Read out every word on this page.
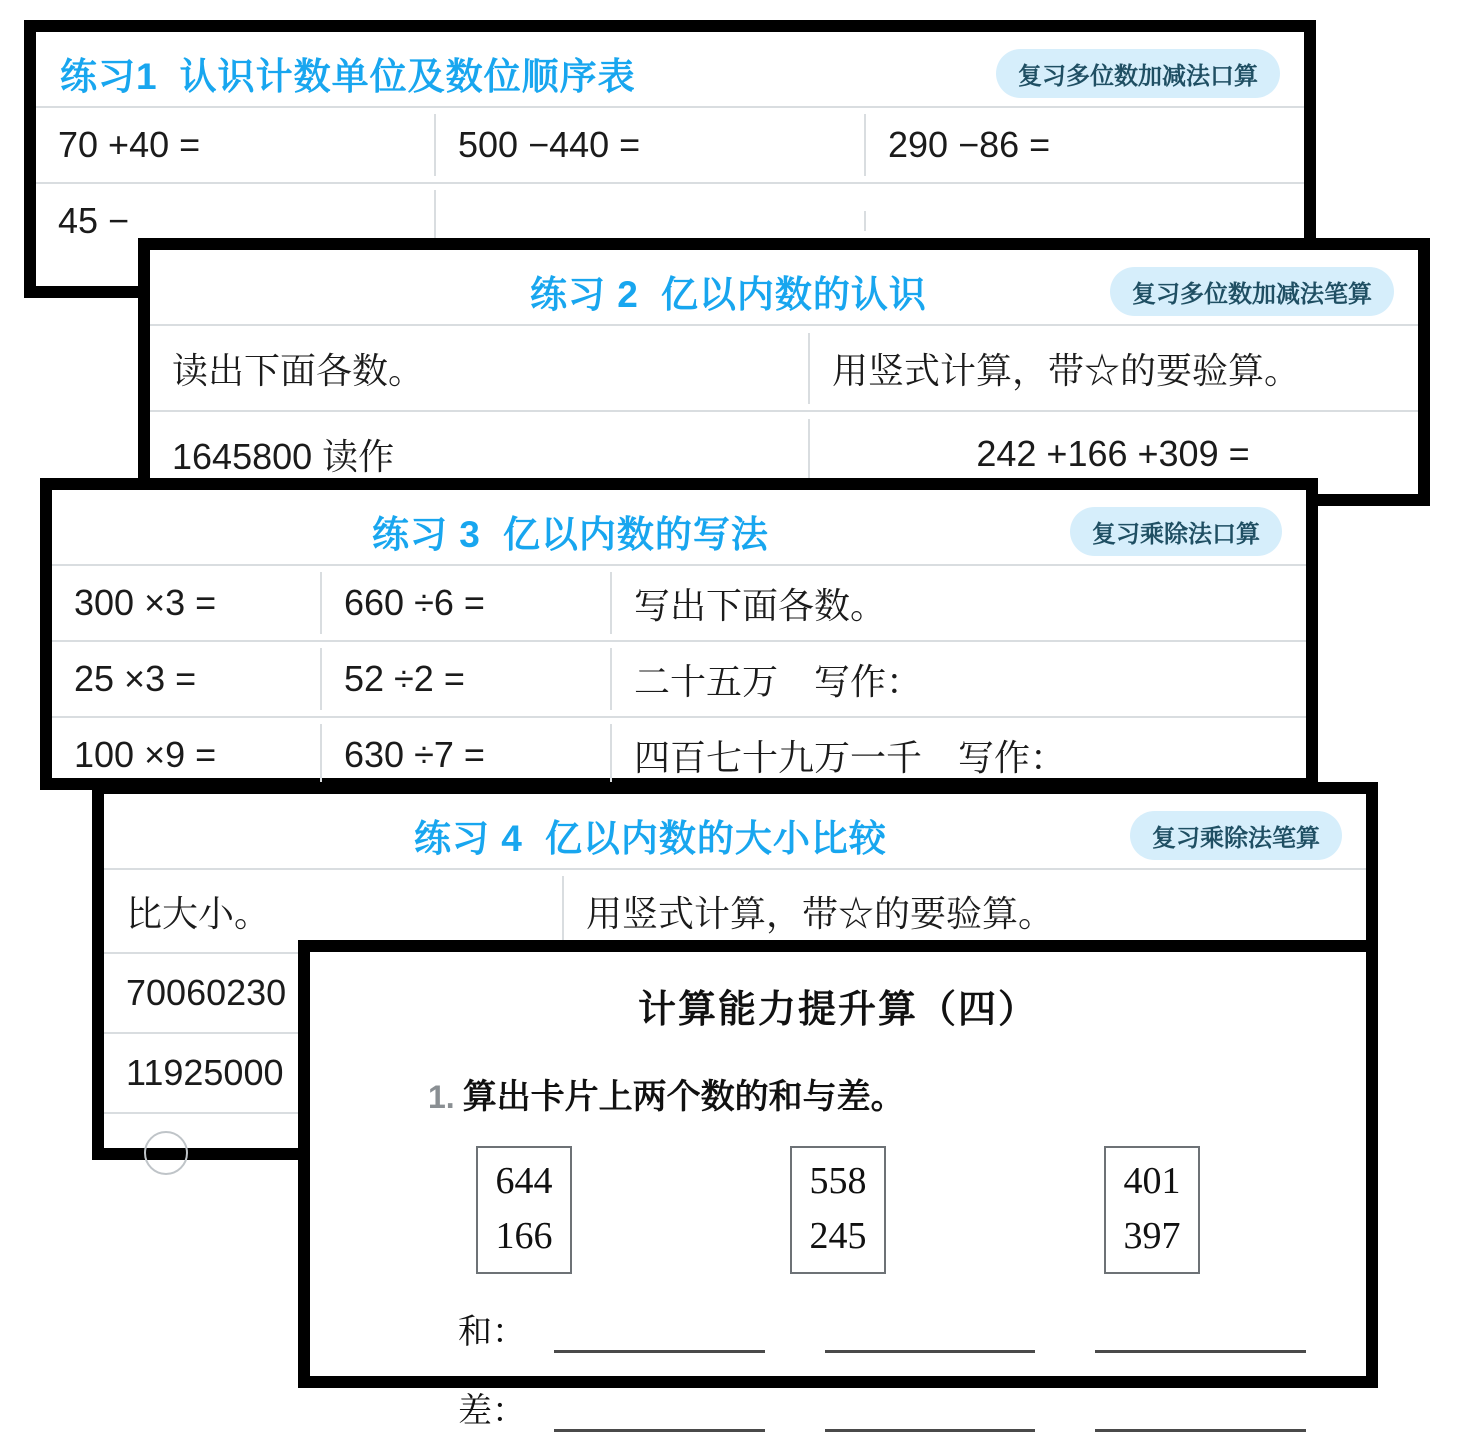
练习1 认识计数单位及数位顺序表	复习多位数加减法口算
70 +40 =	500 −440 =	290 −86 =
45 −
练习 2 亿以内数的认识	复习多位数加减法笔算
读出下面各数。	用竖式计算，带☆的要验算。
1645800 读作	242 +166 +309 =
练习 3 亿以内数的写法	复习乘除法口算
300 ×3 =	660 ÷6 =	写出下面各数。
25 ×3 =	52 ÷2 =	二十五万　写作：
100 ×9 =	630 ÷7 =	四百七十九万一千　写作：
练习 4 亿以内数的大小比较	复习乘除法笔算
比大小。	用竖式计算，带☆的要验算。
70060230
11925000
计算能力提升算（四）
1. 算出卡片上两个数的和与差。
644
166
558
245
401
397
和：
差：
